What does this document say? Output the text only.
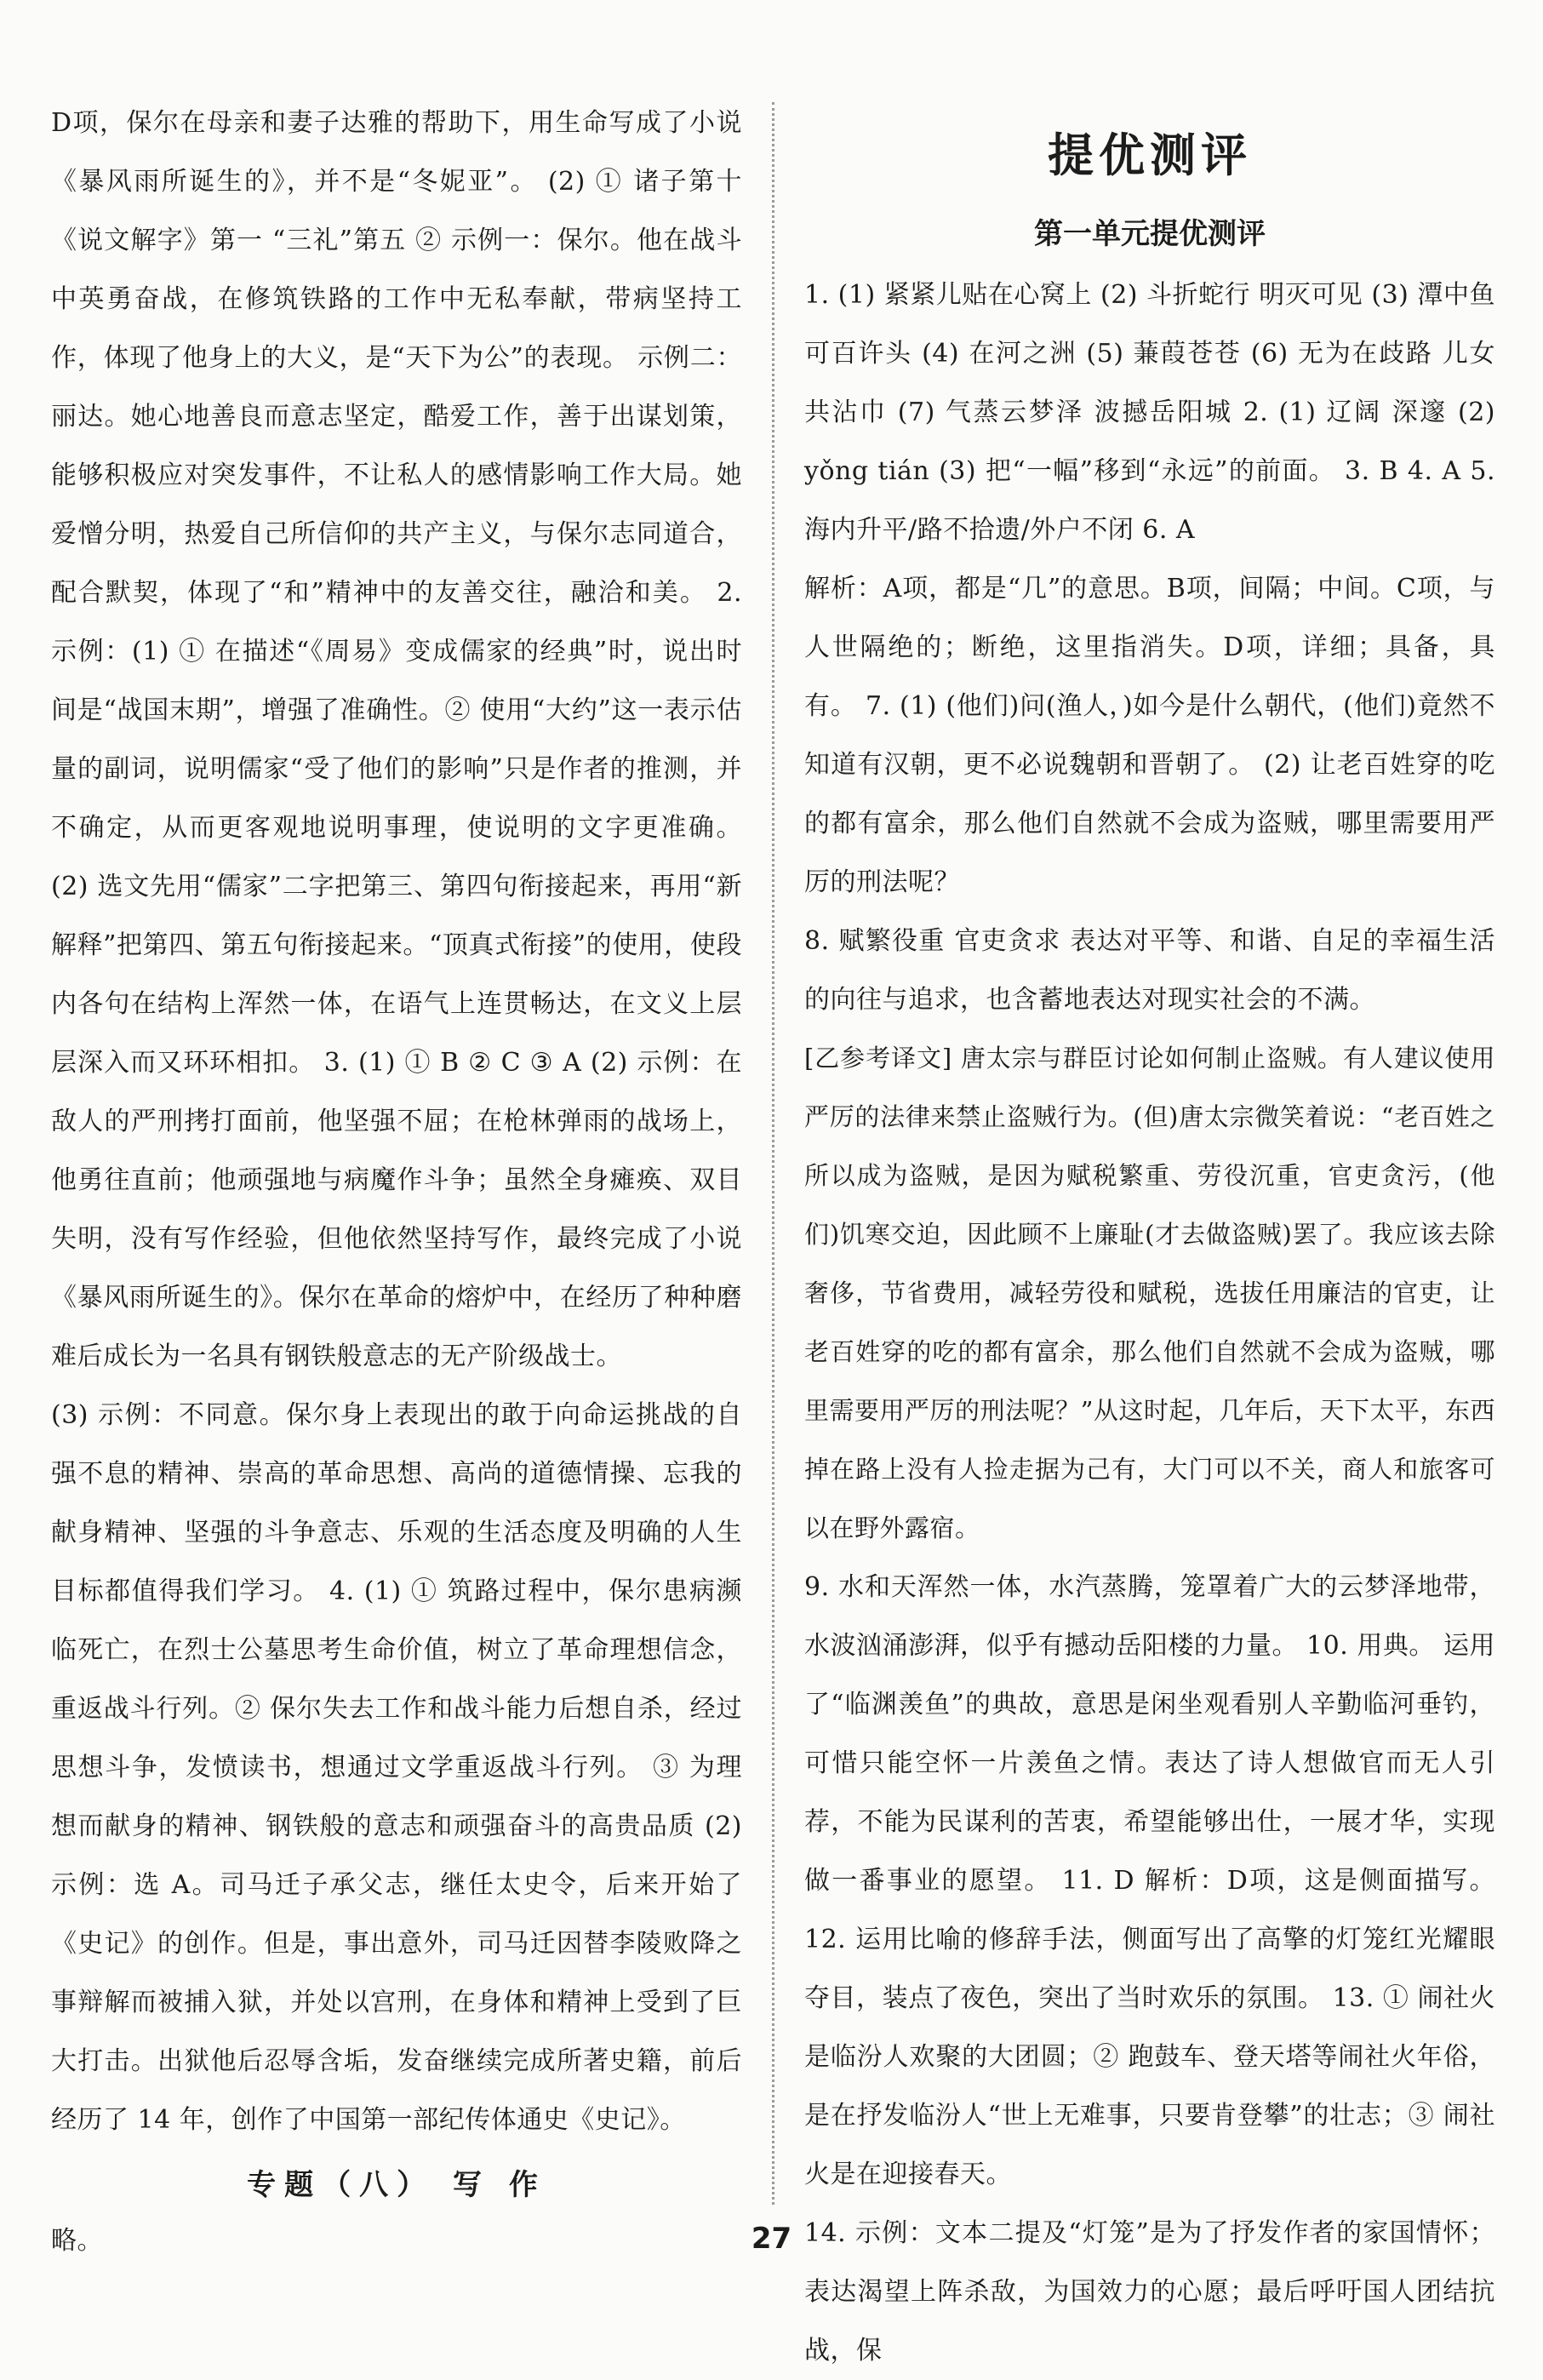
D项，保尔在母亲和妻子达雅的帮助下，用生命写成了小说《暴风雨所诞生的》，并不是“冬妮亚”。 (2) ① 诸子第十 《说文解字》第一 “三礼”第五 ② 示例一：保尔。他在战斗中英勇奋战，在修筑铁路的工作中无私奉献，带病坚持工作，体现了他身上的大义，是“天下为公”的表现。 示例二：丽达。她心地善良而意志坚定，酷爱工作，善于出谋划策，能够积极应对突发事件，不让私人的感情影响工作大局。她爱憎分明，热爱自己所信仰的共产主义，与保尔志同道合，配合默契，体现了“和”精神中的友善交往，融洽和美。 2. 示例：(1) ① 在描述“《周易》变成儒家的经典”时，说出时间是“战国末期”，增强了准确性。② 使用“大约”这一表示估量的副词，说明儒家“受了他们的影响”只是作者的推测，并不确定，从而更客观地说明事理，使说明的文字更准确。 (2) 选文先用“儒家”二字把第三、第四句衔接起来，再用“新解释”把第四、第五句衔接起来。“顶真式衔接”的使用，使段内各句在结构上浑然一体，在语气上连贯畅达，在文义上层层深入而又环环相扣。 3. (1) ① B ② C ③ A (2) 示例：在敌人的严刑拷打面前，他坚强不屈；在枪林弹雨的战场上，他勇往直前；他顽强地与病魔作斗争；虽然全身瘫痪、双目失明，没有写作经验，但他依然坚持写作，最终完成了小说《暴风雨所诞生的》。保尔在革命的熔炉中，在经历了种种磨难后成长为一名具有钢铁般意志的无产阶级战士。

(3) 示例：不同意。保尔身上表现出的敢于向命运挑战的自强不息的精神、崇高的革命思想、高尚的道德情操、忘我的献身精神、坚强的斗争意志、乐观的生活态度及明确的人生目标都值得我们学习。 4. (1) ① 筑路过程中，保尔患病濒临死亡，在烈士公墓思考生命价值，树立了革命理想信念，重返战斗行列。② 保尔失去工作和战斗能力后想自杀，经过思想斗争，发愤读书，想通过文学重返战斗行列。 ③ 为理想而献身的精神、钢铁般的意志和顽强奋斗的高贵品质 (2) 示例：选 A。司马迁子承父志，继任太史令，后来开始了《史记》的创作。但是，事出意外，司马迁因替李陵败降之事辩解而被捕入狱，并处以宫刑，在身体和精神上受到了巨大打击。出狱他后忍辱含垢，发奋继续完成所著史籍，前后经历了 14 年，创作了中国第一部纪传体通史《史记》。

专题（八） 写 作

略。

提优测评
第一单元提优测评

1. (1) 紧紧儿贴在心窝上 (2) 斗折蛇行 明灭可见 (3) 潭中鱼可百许头 (4) 在河之洲 (5) 蒹葭苍苍 (6) 无为在歧路 儿女共沾巾 (7) 气蒸云梦泽 波撼岳阳城 2. (1) 辽阔 深邃 (2) yǒng tián (3) 把“一幅”移到“永远”的前面。 3. B 4. A 5. 海内升平/路不拾遗/外户不闭 6. A

解析：A项，都是“几”的意思。B项，间隔；中间。C项，与人世隔绝的；断绝，这里指消失。D项，详细；具备，具有。 7. (1) (他们)问(渔人，)如今是什么朝代，(他们)竟然不知道有汉朝，更不必说魏朝和晋朝了。 (2) 让老百姓穿的吃的都有富余，那么他们自然就不会成为盗贼，哪里需要用严厉的刑法呢？

8. 赋繁役重 官吏贪求 表达对平等、和谐、自足的幸福生活的向往与追求，也含蓄地表达对现实社会的不满。

[乙参考译文] 唐太宗与群臣讨论如何制止盗贼。有人建议使用严厉的法律来禁止盗贼行为。(但)唐太宗微笑着说：“老百姓之所以成为盗贼，是因为赋税繁重、劳役沉重，官吏贪污，(他们)饥寒交迫，因此顾不上廉耻(才去做盗贼)罢了。我应该去除奢侈，节省费用，减轻劳役和赋税，选拔任用廉洁的官吏，让老百姓穿的吃的都有富余，那么他们自然就不会成为盗贼，哪里需要用严厉的刑法呢？”从这时起，几年后，天下太平，东西掉在路上没有人捡走据为己有，大门可以不关，商人和旅客可以在野外露宿。

9. 水和天浑然一体，水汽蒸腾，笼罩着广大的云梦泽地带，水波汹涌澎湃，似乎有撼动岳阳楼的力量。 10. 用典。 运用了“临渊羡鱼”的典故，意思是闲坐观看别人辛勤临河垂钓，可惜只能空怀一片羡鱼之情。表达了诗人想做官而无人引荐，不能为民谋利的苦衷，希望能够出仕，一展才华，实现做一番事业的愿望。 11. D 解析：D项，这是侧面描写。 12. 运用比喻的修辞手法，侧面写出了高擎的灯笼红光耀眼夺目，装点了夜色，突出了当时欢乐的氛围。 13. ① 闹社火是临汾人欢聚的大团圆；② 跑鼓车、登天塔等闹社火年俗，是在抒发临汾人“世上无难事，只要肯登攀”的壮志；③ 闹社火是在迎接春天。

14. 示例：文本二提及“灯笼”是为了抒发作者的家国情怀；表达渴望上阵杀敌，为国效力的心愿；最后呼吁国人团结抗战，保

27
